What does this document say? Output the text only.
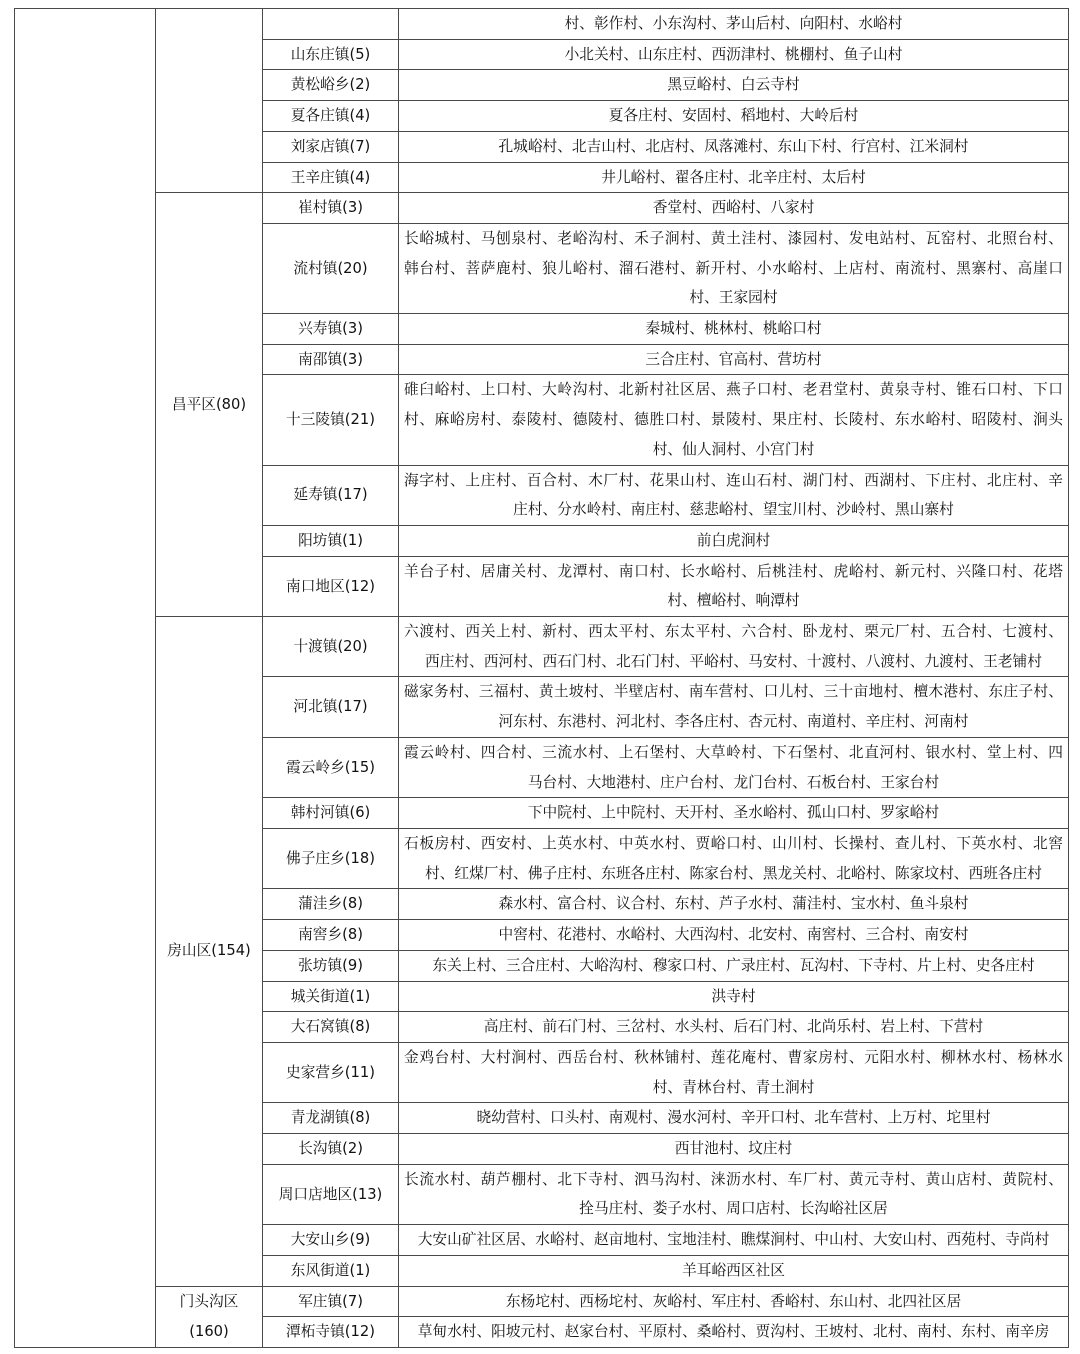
			村、彰作村、小东沟村、茅山后村、向阳村、水峪村

		山东庄镇(5)	小北关村、山东庄村、西沥津村、桃棚村、鱼子山村

		黄松峪乡(2)	黑豆峪村、白云寺村

		夏各庄镇(4)	夏各庄村、安固村、稻地村、大岭后村

		刘家店镇(7)	孔城峪村、北吉山村、北店村、凤落滩村、东山下村、行宫村、江米洞村

		王辛庄镇(4)	井儿峪村、翟各庄村、北辛庄村、太后村

	昌平区(80)	崔村镇(3)	香堂村、西峪村、八家村

		流村镇(20)	长峪城村、马刨泉村、老峪沟村、禾子涧村、黄土洼村、漆园村、发电站村、瓦窑村、北照台村、
韩台村、菩萨鹿村、狼儿峪村、溜石港村、新开村、小水峪村、上店村、南流村、黑寨村、高崖口
村、王家园村

		兴寿镇(3)	秦城村、桃林村、桃峪口村

		南邵镇(3)	三合庄村、官高村、营坊村

		十三陵镇(21)	碓臼峪村、上口村、大岭沟村、北新村社区居、燕子口村、老君堂村、黄泉寺村、锥石口村、下口
村、麻峪房村、泰陵村、德陵村、德胜口村、景陵村、果庄村、长陵村、东水峪村、昭陵村、涧头
村、仙人洞村、小宫门村

		延寿镇(17)	海字村、上庄村、百合村、木厂村、花果山村、连山石村、湖门村、西湖村、下庄村、北庄村、辛
庄村、分水岭村、南庄村、慈悲峪村、望宝川村、沙岭村、黑山寨村

		阳坊镇(1)	前白虎涧村

		南口地区(12)	羊台子村、居庸关村、龙潭村、南口村、长水峪村、后桃洼村、虎峪村、新元村、兴隆口村、花塔
村、檀峪村、响潭村

	房山区(154)	十渡镇(20)	六渡村、西关上村、新村、西太平村、东太平村、六合村、卧龙村、栗元厂村、五合村、七渡村、
西庄村、西河村、西石门村、北石门村、平峪村、马安村、十渡村、八渡村、九渡村、王老铺村

		河北镇(17)	磁家务村、三福村、黄土坡村、半壁店村、南车营村、口儿村、三十亩地村、檀木港村、东庄子村、
河东村、东港村、河北村、李各庄村、杏元村、南道村、辛庄村、河南村

		霞云岭乡(15)	霞云岭村、四合村、三流水村、上石堡村、大草岭村、下石堡村、北直河村、银水村、堂上村、四
马台村、大地港村、庄户台村、龙门台村、石板台村、王家台村

		韩村河镇(6)	下中院村、上中院村、天开村、圣水峪村、孤山口村、罗家峪村

		佛子庄乡(18)	石板房村、西安村、上英水村、中英水村、贾峪口村、山川村、长操村、查儿村、下英水村、北窖
村、红煤厂村、佛子庄村、东班各庄村、陈家台村、黑龙关村、北峪村、陈家坟村、西班各庄村

		蒲洼乡(8)	森水村、富合村、议合村、东村、芦子水村、蒲洼村、宝水村、鱼斗泉村

		南窖乡(8)	中窖村、花港村、水峪村、大西沟村、北安村、南窖村、三合村、南安村

		张坊镇(9)	东关上村、三合庄村、大峪沟村、穆家口村、广录庄村、瓦沟村、下寺村、片上村、史各庄村

		城关街道(1)	洪寺村

		大石窝镇(8)	高庄村、前石门村、三岔村、水头村、后石门村、北尚乐村、岩上村、下营村

		史家营乡(11)	金鸡台村、大村涧村、西岳台村、秋林铺村、莲花庵村、曹家房村、元阳水村、柳林水村、杨林水
村、青林台村、青土涧村

		青龙湖镇(8)	晓幼营村、口头村、南观村、漫水河村、辛开口村、北车营村、上万村、坨里村

		长沟镇(2)	西甘池村、坟庄村

		周口店地区(13)	长流水村、葫芦棚村、北下寺村、泗马沟村、涞沥水村、车厂村、黄元寺村、黄山店村、黄院村、
拴马庄村、娄子水村、周口店村、长沟峪社区居

		大安山乡(9)	大安山矿社区居、水峪村、赵亩地村、宝地洼村、瞧煤涧村、中山村、大安山村、西苑村、寺尚村

		东风街道(1)	羊耳峪西区社区

	门头沟区
(160)	军庄镇(7)	东杨坨村、西杨坨村、灰峪村、军庄村、香峪村、东山村、北四社区居

		潭柘寺镇(12)	草甸水村、阳坡元村、赵家台村、平原村、桑峪村、贾沟村、王坡村、北村、南村、东村、南辛房
